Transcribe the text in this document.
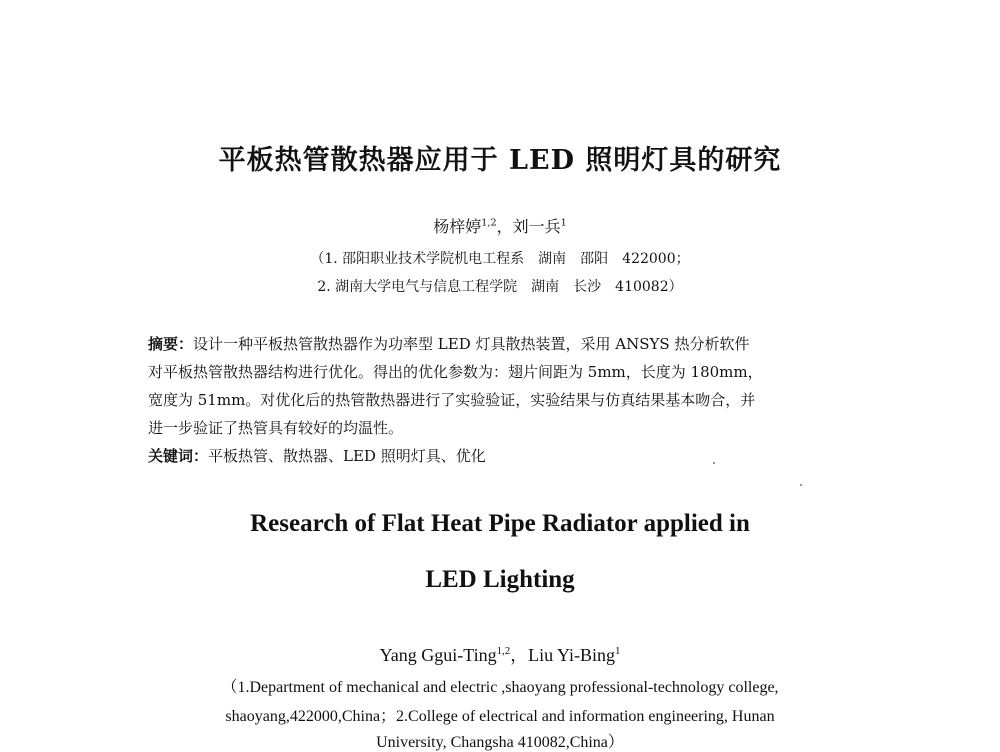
平板热管散热器应用于 LED 照明灯具的研究
杨梓婷$^{1,2}$，刘一兵$^1$
（1. 邵阳职业技术学院机电工程系　湖南　邵阳　422000；
2. 湖南大学电气与信息工程学院　湖南　长沙　410082）

摘要：设计一种平板热管散热器作为功率型 LED 灯具散热装置，采用 ANSYS 热分析软件

对平板热管散热器结构进行优化。得出的优化参数为：翅片间距为 5mm，长度为 180mm，

宽度为 51mm。对优化后的热管散热器进行了实验验证，实验结果与仿真结果基本吻合，并

进一步验证了热管具有较好的均温性。

关键词：平板热管、散热器、LED 照明灯具、优化

Research of Flat Heat Pipe Radiator applied in
LED Lighting
Yang Ggui-Ting$^{1,2}$，Liu Yi-Bing$^1$
（1.Department of mechanical and electric ,shaoyang professional-technology college,
shaoyang,422000,China；2.College of electrical and information engineering, Hunan
University, Changsha 410082,China）
